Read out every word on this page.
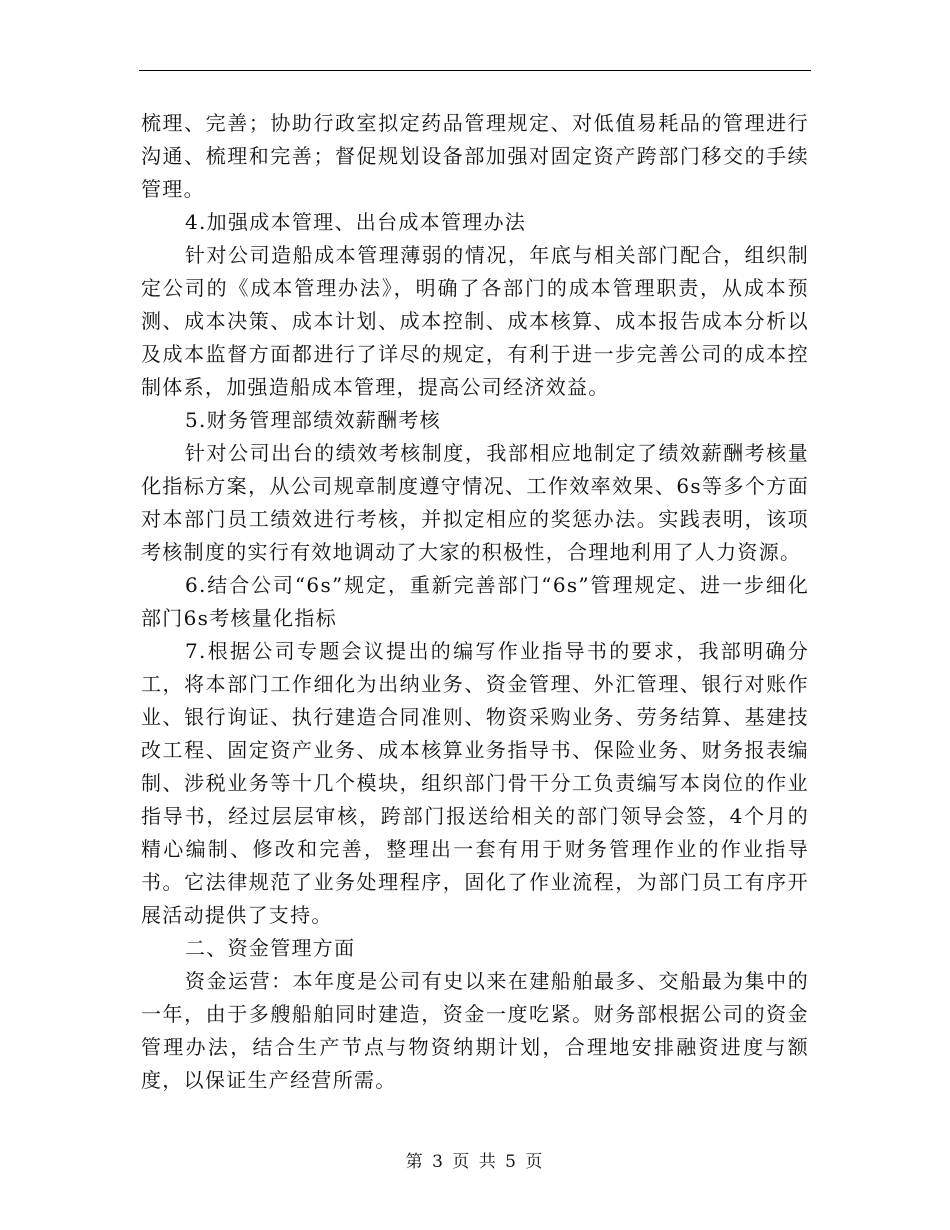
梳理、完善；协助行政室拟定药品管理规定、对低值易耗品的管理进行沟通、梳理和完善；督促规划设备部加强对固定资产跨部门移交的手续管理。

4.加强成本管理、出台成本管理办法

针对公司造船成本管理薄弱的情况，年底与相关部门配合，组织制定公司的《成本管理办法》，明确了各部门的成本管理职责，从成本预测、成本决策、成本计划、成本控制、成本核算、成本报告成本分析以及成本监督方面都进行了详尽的规定，有利于进一步完善公司的成本控制体系，加强造船成本管理，提高公司经济效益。

5.财务管理部绩效薪酬考核

针对公司出台的绩效考核制度，我部相应地制定了绩效薪酬考核量化指标方案，从公司规章制度遵守情况、工作效率效果、6s等多个方面对本部门员工绩效进行考核，并拟定相应的奖惩办法。实践表明，该项考核制度的实行有效地调动了大家的积极性，合理地利用了人力资源。

6.结合公司“6s”规定，重新完善部门“6s”管理规定、进一步细化部门6s考核量化指标

7.根据公司专题会议提出的编写作业指导书的要求，我部明确分工，将本部门工作细化为出纳业务、资金管理、外汇管理、银行对账作业、银行询证、执行建造合同准则、物资采购业务、劳务结算、基建技改工程、固定资产业务、成本核算业务指导书、保险业务、财务报表编制、涉税业务等十几个模块，组织部门骨干分工负责编写本岗位的作业指导书，经过层层审核，跨部门报送给相关的部门领导会签，4个月的精心编制、修改和完善，整理出一套有用于财务管理作业的作业指导书。它法律规范了业务处理程序，固化了作业流程，为部门员工有序开展活动提供了支持。

二、资金管理方面

资金运营：本年度是公司有史以来在建船舶最多、交船最为集中的一年，由于多艘船舶同时建造，资金一度吃紧。财务部根据公司的资金管理办法，结合生产节点与物资纳期计划，合理地安排融资进度与额度，以保证生产经营所需。

第 3 页 共 5 页
